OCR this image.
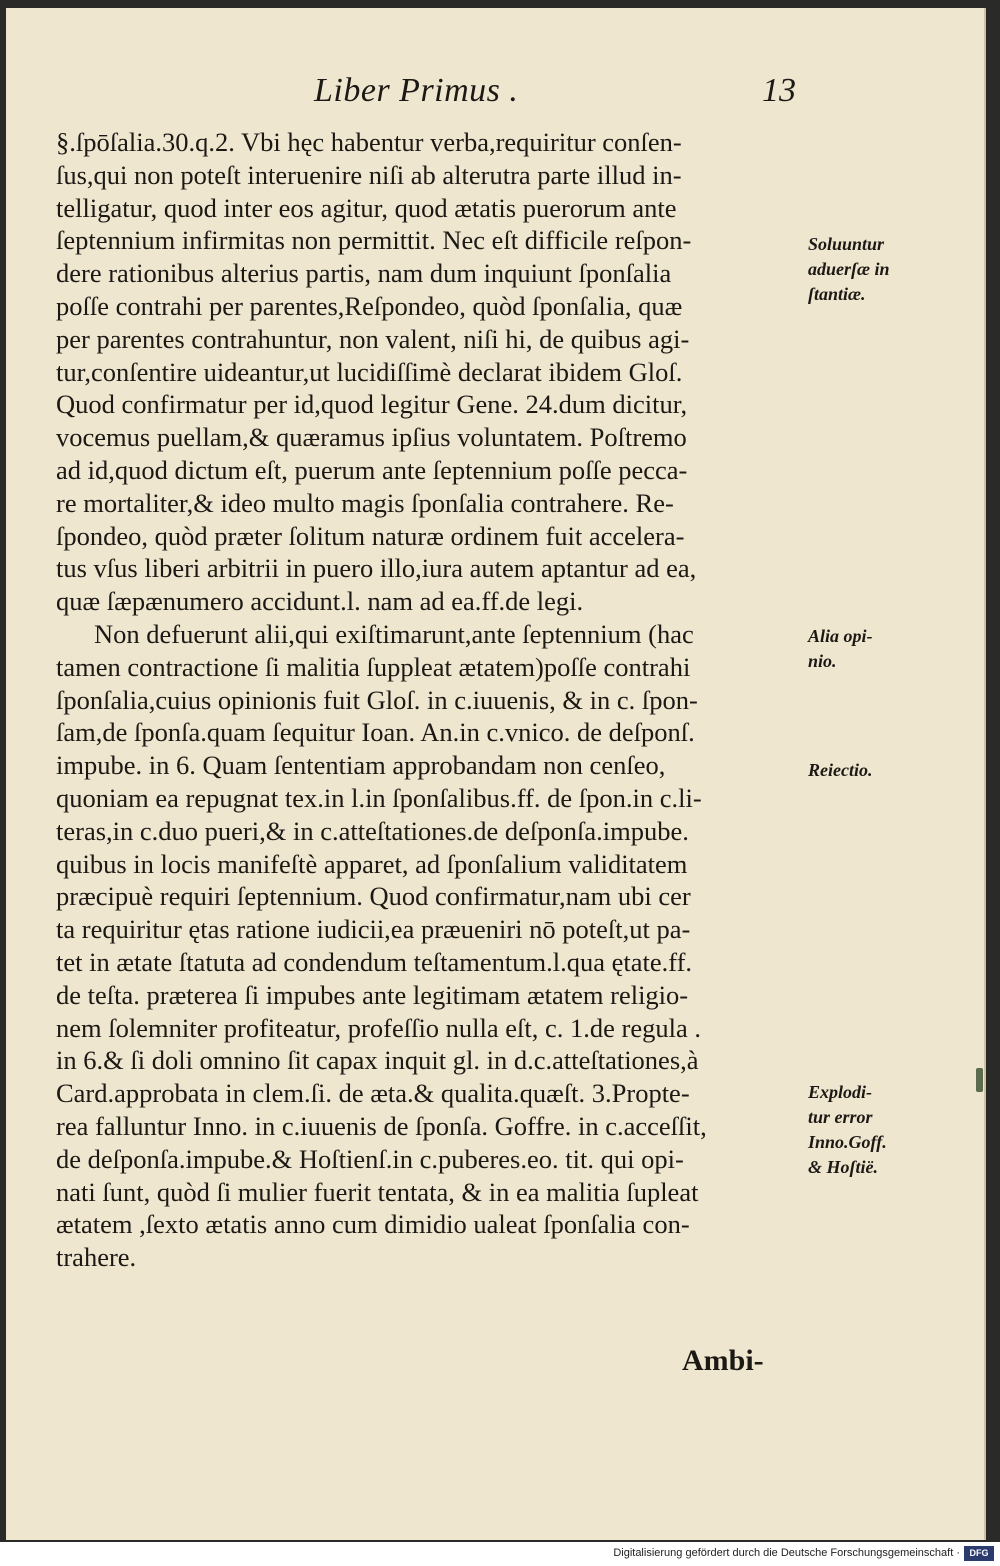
Liber Primus .	13
§.ſpōſalia.30.q.2. Vbi hęc habentur verba,requiritur conſen-
ſus,qui non poteſt interuenire niſi ab alterutra parte illud in-
telligatur, quod inter eos agitur, quod ætatis puerorum ante
ſeptennium infirmitas non permittit. Nec eſt difficile reſpon-
dere rationibus alterius partis, nam dum inquiunt ſponſalia
poſſe contrahi per parentes,Reſpondeo, quòd ſponſalia, quæ
per parentes contrahuntur, non valent, niſi hi, de quibus agi-
tur,conſentire uideantur,ut lucidiſſimè declarat ibidem Gloſ.
Quod confirmatur per id,quod legitur Gene. 24.dum dicitur,
vocemus puellam,& quæramus ipſius voluntatem. Poſtremo
ad id,quod dictum eſt, puerum ante ſeptennium poſſe pecca-
re mortaliter,& ideo multo magis ſponſalia contrahere. Re-
ſpondeo, quòd præter ſolitum naturæ ordinem fuit accelera-
tus vſus liberi arbitrii in puero illo,iura autem aptantur ad ea,
quæ ſæpænumero accidunt.l. nam ad ea.ff.de legi.
Non defuerunt alii,qui exiſtimarunt,ante ſeptennium (hac
tamen contractione ſi malitia ſuppleat ætatem)poſſe contrahi
ſponſalia,cuius opinionis fuit Gloſ. in c.iuuenis, & in c. ſpon-
ſam,de ſponſa.quam ſequitur Ioan. An.in c.vnico. de deſponſ.
impube. in 6. Quam ſententiam approbandam non cenſeo,
quoniam ea repugnat tex.in l.in ſponſalibus.ff. de ſpon.in c.li-
teras,in c.duo pueri,& in c.atteſtationes.de deſponſa.impube.
quibus in locis manifeſtè apparet, ad ſponſalium validitatem
præcipuè requiri ſeptennium. Quod confirmatur,nam ubi cer
ta requiritur ętas ratione iudicii,ea præueniri nō poteſt,ut pa-
tet in ætate ſtatuta ad condendum teſtamentum.l.qua ętate.ff.
de teſta. præterea ſi impubes ante legitimam ætatem religio-
nem ſolemniter profiteatur, profeſſio nulla eſt, c. 1.de regula .
in 6.& ſi doli omnino ſit capax inquit gl. in d.c.atteſtationes,à
Card.approbata in clem.ſi. de æta.& qualita.quæſt. 3.Propte-
rea falluntur Inno. in c.iuuenis de ſponſa. Goffre. in c.acceſſit,
de deſponſa.impube.& Hoſtienſ.in c.puberes.eo. tit. qui opi-
nati ſunt, quòd ſi mulier fuerit tentata, & in ea malitia ſupleat
ætatem ,ſexto ætatis anno cum dimidio ualeat ſponſalia con-
trahere.
Soluuntur
aduerſæ in
ſtantiæ.
Alia opi-
nio.
Reiectio.
Explodi-
tur error
Inno.Goff.
& Hoſtië.
Ambi-
Digitalisierung gefördert durch die Deutsche Forschungsgemeinschaft ·	DFG
